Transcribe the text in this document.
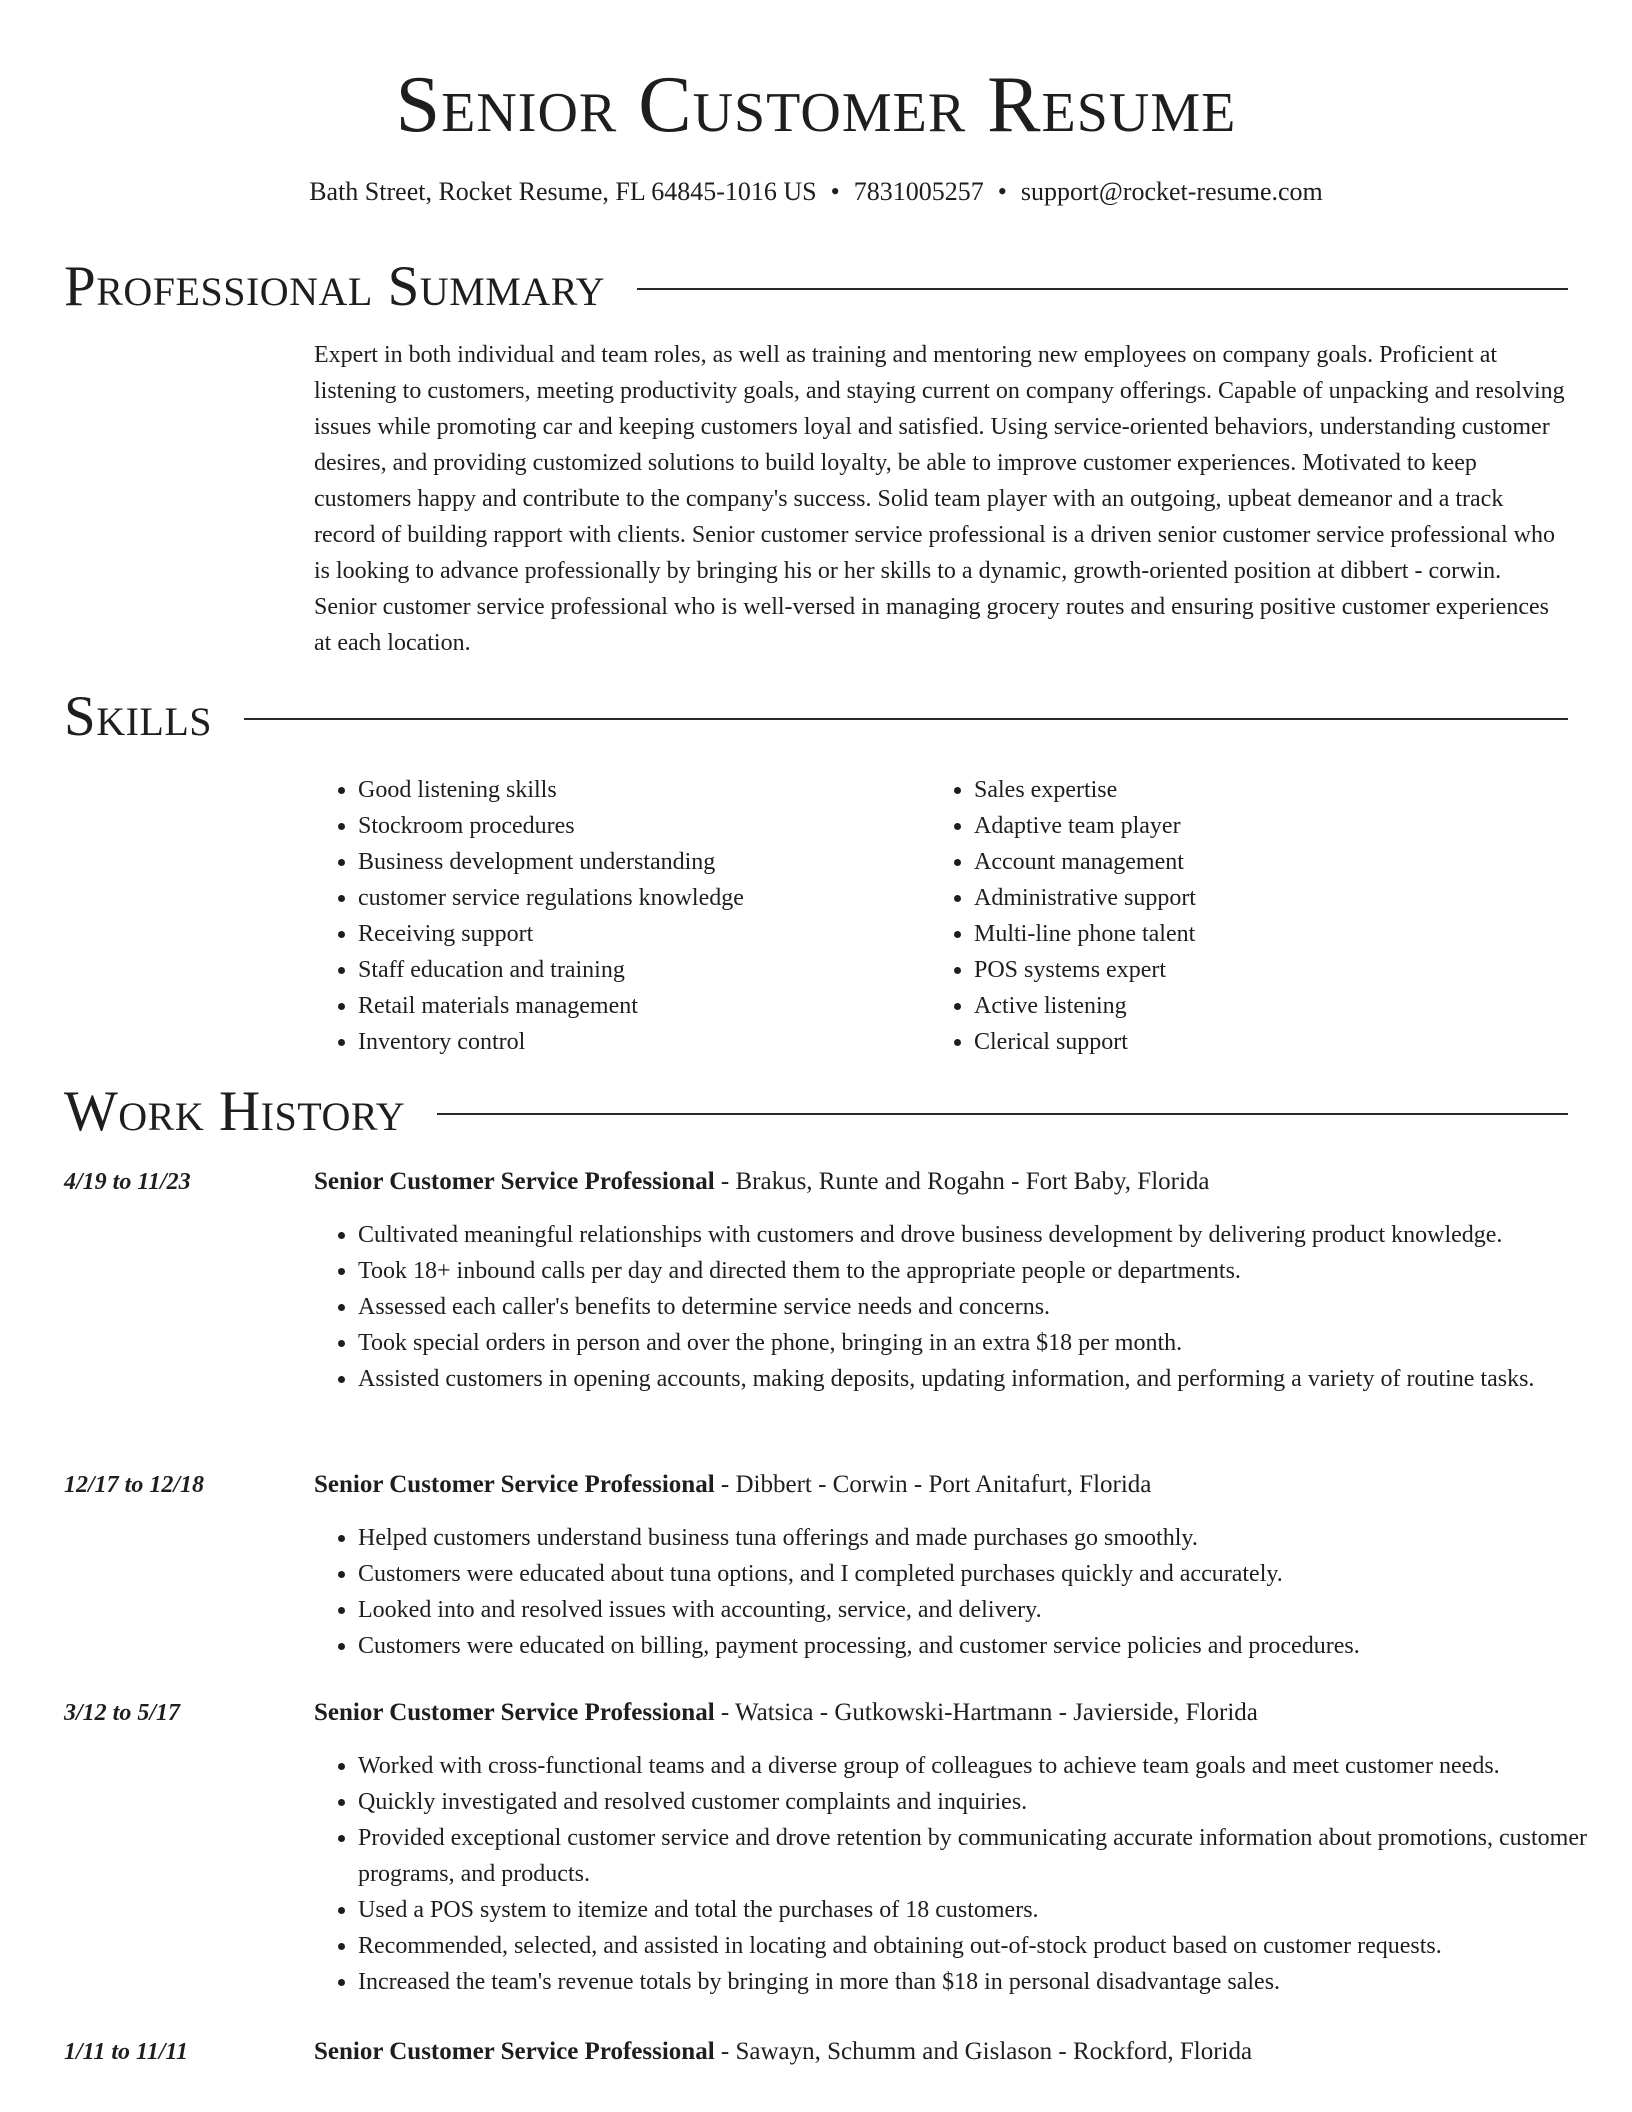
Senior Customer Resume
Bath Street, Rocket Resume, FL 64845-1016 US • 7831005257 • support@rocket-resume.com
Professional Summary

Expert in both individual and team roles, as well as training and mentoring new employees on company goals. Proficient at listening to customers, meeting productivity goals, and staying current on company offerings. Capable of unpacking and resolving issues while promoting car and keeping customers loyal and satisfied. Using service-oriented behaviors, understanding customer desires, and providing customized solutions to build loyalty, be able to improve customer experiences. Motivated to keep customers happy and contribute to the company's success. Solid team player with an outgoing, upbeat demeanor and a track record of building rapport with clients. Senior customer service professional is a driven senior customer service professional who is looking to advance professionally by bringing his or her skills to a dynamic, growth-oriented position at dibbert - corwin. Senior customer service professional who is well-versed in managing grocery routes and ensuring positive customer experiences at each location.

Skills
• Good listening skills
• Stockroom procedures
• Business development understanding
• customer service regulations knowledge
• Receiving support
• Staff education and training
• Retail materials management
• Inventory control
• Sales expertise
• Adaptive team player
• Account management
• Administrative support
• Multi-line phone talent
• POS systems expert
• Active listening
• Clerical support
Work History
4/19 to 11/23	Senior Customer Service Professional - Brakus, Runte and Rogahn - Fort Baby, Florida
• Cultivated meaningful relationships with customers and drove business development by delivering product knowledge.
• Took 18+ inbound calls per day and directed them to the appropriate people or departments.
• Assessed each caller's benefits to determine service needs and concerns.
• Took special orders in person and over the phone, bringing in an extra $18 per month.
• Assisted customers in opening accounts, making deposits, updating information, and performing a variety of routine tasks.
12/17 to 12/18	Senior Customer Service Professional - Dibbert - Corwin - Port Anitafurt, Florida
• Helped customers understand business tuna offerings and made purchases go smoothly.
• Customers were educated about tuna options, and I completed purchases quickly and accurately.
• Looked into and resolved issues with accounting, service, and delivery.
• Customers were educated on billing, payment processing, and customer service policies and procedures.
3/12 to 5/17	Senior Customer Service Professional - Watsica - Gutkowski-Hartmann - Javierside, Florida
• Worked with cross-functional teams and a diverse group of colleagues to achieve team goals and meet customer needs.
• Quickly investigated and resolved customer complaints and inquiries.
• Provided exceptional customer service and drove retention by communicating accurate information about promotions, customer programs, and products.
• Used a POS system to itemize and total the purchases of 18 customers.
• Recommended, selected, and assisted in locating and obtaining out-of-stock product based on customer requests.
• Increased the team's revenue totals by bringing in more than $18 in personal disadvantage sales.
1/11 to 11/11	Senior Customer Service Professional - Sawayn, Schumm and Gislason - Rockford, Florida
